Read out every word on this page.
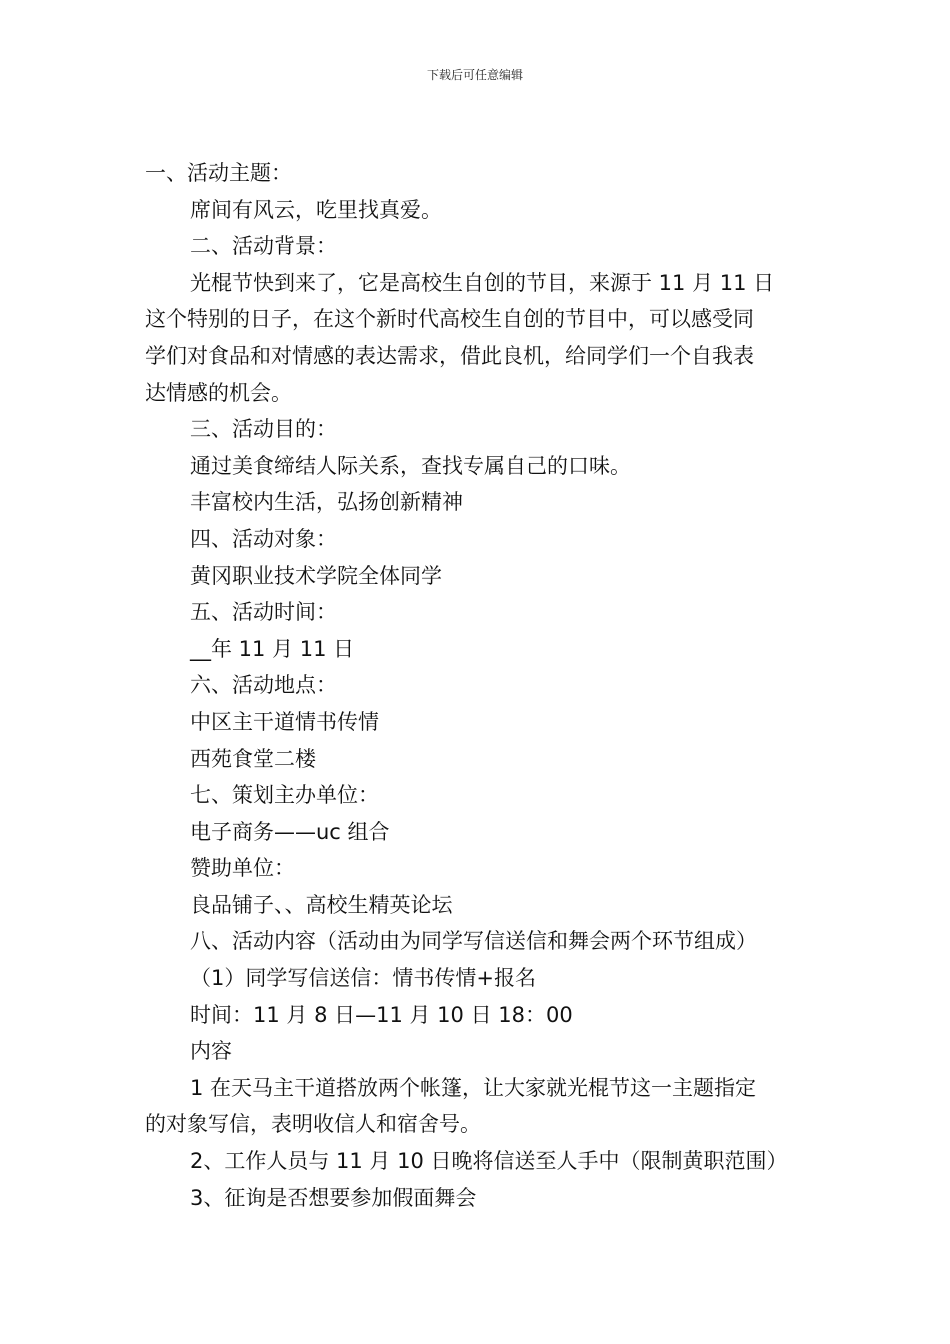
下载后可任意编辑

一、活动主题：

席间有风云，吃里找真爱。

二、活动背景：

光棍节快到来了，它是高校生自创的节目，来源于 11 月 11 日
这个特别的日子，在这个新时代高校生自创的节目中，可以感受同
学们对食品和对情感的表达需求，借此良机，给同学们一个自我表
达情感的机会。

三、活动目的：

通过美食缔结人际关系，查找专属自己的口味。

丰富校内生活，弘扬创新精神

四、活动对象：

黄冈职业技术学院全体同学

五、活动时间：

__年 11 月 11 日

六、活动地点：

中区主干道情书传情

西苑食堂二楼

七、策划主办单位：

电子商务——uc 组合

赞助单位：

良品铺子、、高校生精英论坛

八、活动内容（活动由为同学写信送信和舞会两个环节组成）

（1）同学写信送信：情书传情+报名

时间：11 月 8 日—11 月 10 日 18：00

内容

1 在天马主干道搭放两个帐篷，让大家就光棍节这一主题指定
的对象写信，表明收信人和宿舍号。

2、工作人员与 11 月 10 日晚将信送至人手中（限制黄职范围）

3、征询是否想要参加假面舞会
